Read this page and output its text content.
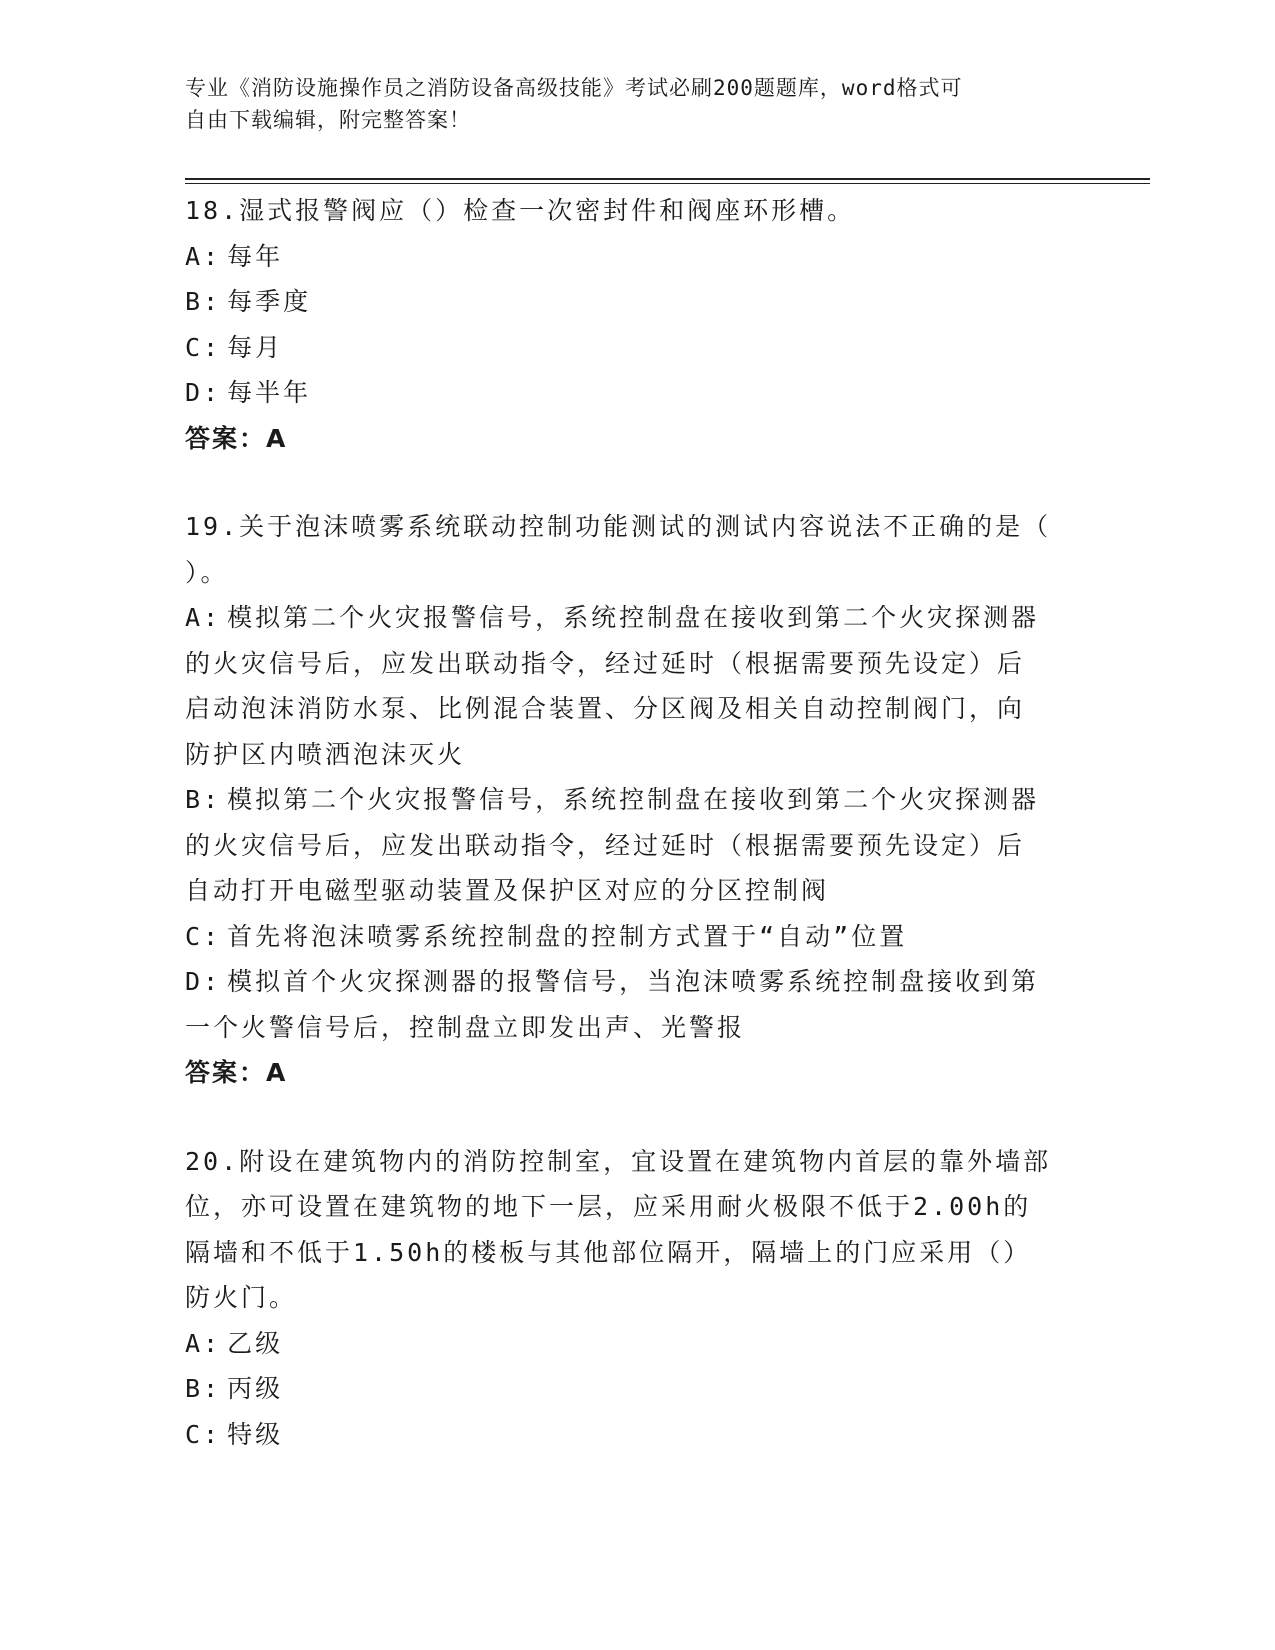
专业《消防设施操作员之消防设备高级技能》考试必刷200题题库，word格式可
自由下载编辑，附完整答案！
18.湿式报警阀应（）检查一次密封件和阀座环形槽。
A: 每年
B: 每季度
C: 每月
D: 每半年
答案：A
19.关于泡沫喷雾系统联动控制功能测试的测试内容说法不正确的是（
）。
A: 模拟第二个火灾报警信号，系统控制盘在接收到第二个火灾探测器
的火灾信号后，应发出联动指令，经过延时（根据需要预先设定）后
启动泡沫消防水泵、比例混合装置、分区阀及相关自动控制阀门，向
防护区内喷洒泡沫灭火
B: 模拟第二个火灾报警信号，系统控制盘在接收到第二个火灾探测器
的火灾信号后，应发出联动指令，经过延时（根据需要预先设定）后
自动打开电磁型驱动装置及保护区对应的分区控制阀
C: 首先将泡沫喷雾系统控制盘的控制方式置于“自动”位置
D: 模拟首个火灾探测器的报警信号，当泡沫喷雾系统控制盘接收到第
一个火警信号后，控制盘立即发出声、光警报
答案：A
20.附设在建筑物内的消防控制室，宜设置在建筑物内首层的靠外墙部
位，亦可设置在建筑物的地下一层，应采用耐火极限不低于2.00h的
隔墙和不低于1.50h的楼板与其他部位隔开，隔墙上的门应采用（）
防火门。
A: 乙级
B: 丙级
C: 特级
